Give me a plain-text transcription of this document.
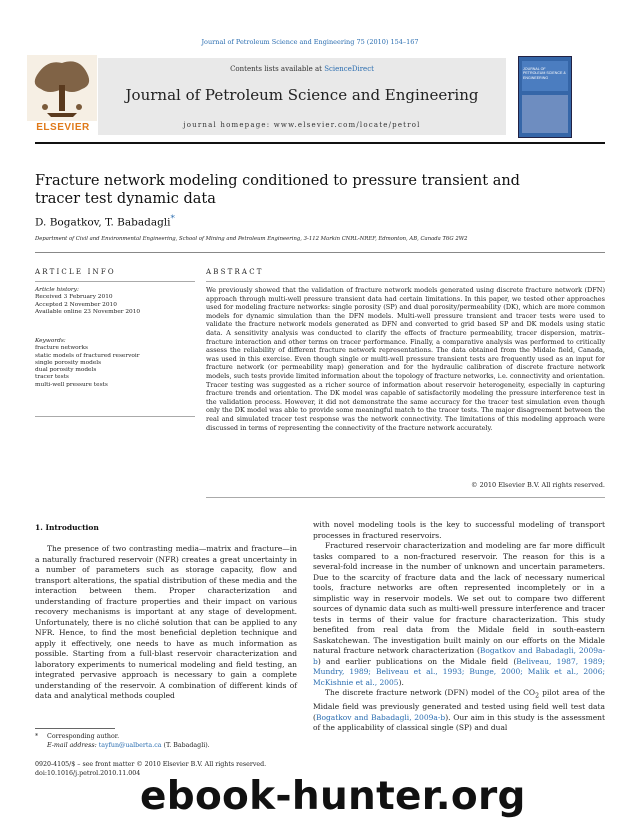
Journal of Petroleum Science and Engineering 75 (2010) 154–167
Contents lists available at ScienceDirect
Journal of Petroleum Science and Engineering
journal homepage: www.elsevier.com/locate/petrol
ELSEVIER
JOURNAL OF PETROLEUM SCIENCE & ENGINEERING
Fracture network modeling conditioned to pressure transient and tracer test dynamic data
D. Bogatkov, T. Babadagli*
Department of Civil and Environmental Engineering, School of Mining and Petroleum Engineering, 3-112 Markin CNRL-NREF, Edmonton, AB, Canada T6G 2W2
ARTICLE INFO	ABSTRACT
Article history:
Received 3 February 2010
Accepted 2 November 2010
Available online 23 November 2010
Keywords:
fracture networks
static models of fractured reservoir
single porosity models
dual porosity models
tracer tests
multi-well pressure tests
We previously showed that the validation of fracture network models generated using discrete fracture network (DFN) approach through multi-well pressure transient data had certain limitations. In this paper, we tested other approaches used for modeling fracture networks: single porosity (SP) and dual porosity/permeability (DK), which are more common models for dynamic simulation than the DFN models. Multi-well pressure transient and tracer tests were used to validate the fracture network models generated as DFN and converted to grid based SP and DK models using static data. A sensitivity analysis was conducted to clarify the effects of fracture permeability, tracer dispersion, matrix–fracture interaction and other terms on tracer performance. Finally, a comparative analysis was performed to critically assess the reliability of different fracture network representations. The data obtained from the Midale field, Canada, was used in this exercise. Even though single or multi-well pressure transient tests are frequently used as an input for fracture network (or permeability map) generation and for the hydraulic calibration of discrete fracture network models, such tests provide limited information about the topology of fracture networks, i.e. connectivity and orientation. Tracer testing was suggested as a richer source of information about reservoir heterogeneity, especially in capturing fracture trends and orientation. The DK model was capable of satisfactorily modeling the pressure interference test in the validation process. However, it did not demonstrate the same accuracy for the tracer test simulation even though only the DK model was able to provide some meaningful match to the tracer tests. The major disagreement between the real and simulated tracer test response was the network connectivity. The limitations of this modeling approach were discussed in terms of representing the connectivity of the fracture network accurately.
© 2010 Elsevier B.V. All rights reserved.
1. Introduction

The presence of two contrasting media—matrix and fracture—in a naturally fractured reservoir (NFR) creates a great uncertainty in a number of parameters such as storage capacity, flow and transport alterations, the spatial distribution of these media and the interaction between them. Proper characterization and understanding of fracture properties and their impact on various recovery mechanisms is important at any stage of development. Unfortunately, there is no cliché solution that can be applied to any NFR. Hence, to find the most beneficial depletion technique and apply it effectively, one needs to have as much information as possible. Starting from a full-blast reservoir characterization and laboratory experiments to numerical modeling and field testing, an integrated pervasive approach is necessary to gain a complete understanding of the reservoir. A combination of different kinds of data and analytical methods coupled

with novel modeling tools is the key to successful modeling of transport processes in fractured reservoirs.

Fractured reservoir characterization and modeling are far more difficult tasks compared to a non-fractured reservoir. The reason for this is a several-fold increase in the number of unknown and uncertain parameters. Due to the scarcity of fracture data and the lack of necessary numerical tools, fracture networks are often represented incompletely or in a simplistic way in reservoir models. We set out to compare two different sources of dynamic data such as multi-well pressure interference and tracer tests in terms of their value for fracture characterization. This study benefited from real data from the Midale field in south-eastern Saskatchewan. The investigation built mainly on our efforts on the Midale natural fracture network characterization (Bogatkov and Babadagli, 2009a-b) and earlier publications on the Midale field (Beliveau, 1987, 1989; Mundry, 1989; Beliveau et al., 1993; Bunge, 2000; Malik et al., 2006; McKishnie et al., 2005).

The discrete fracture network (DFN) model of the $CO_2$ pilot area of the Midale field was previously generated and tested using field well test data (Bogatkov and Babadagli, 2009a-b). Our aim in this study is the assessment of the applicability of classical single (SP) and dual

* Corresponding author.
E-mail address: tayfun@ualberta.ca (T. Babadagli).
0920-4105/$ – see front matter © 2010 Elsevier B.V. All rights reserved.
doi:10.1016/j.petrol.2010.11.004
ebook-hunter.org
